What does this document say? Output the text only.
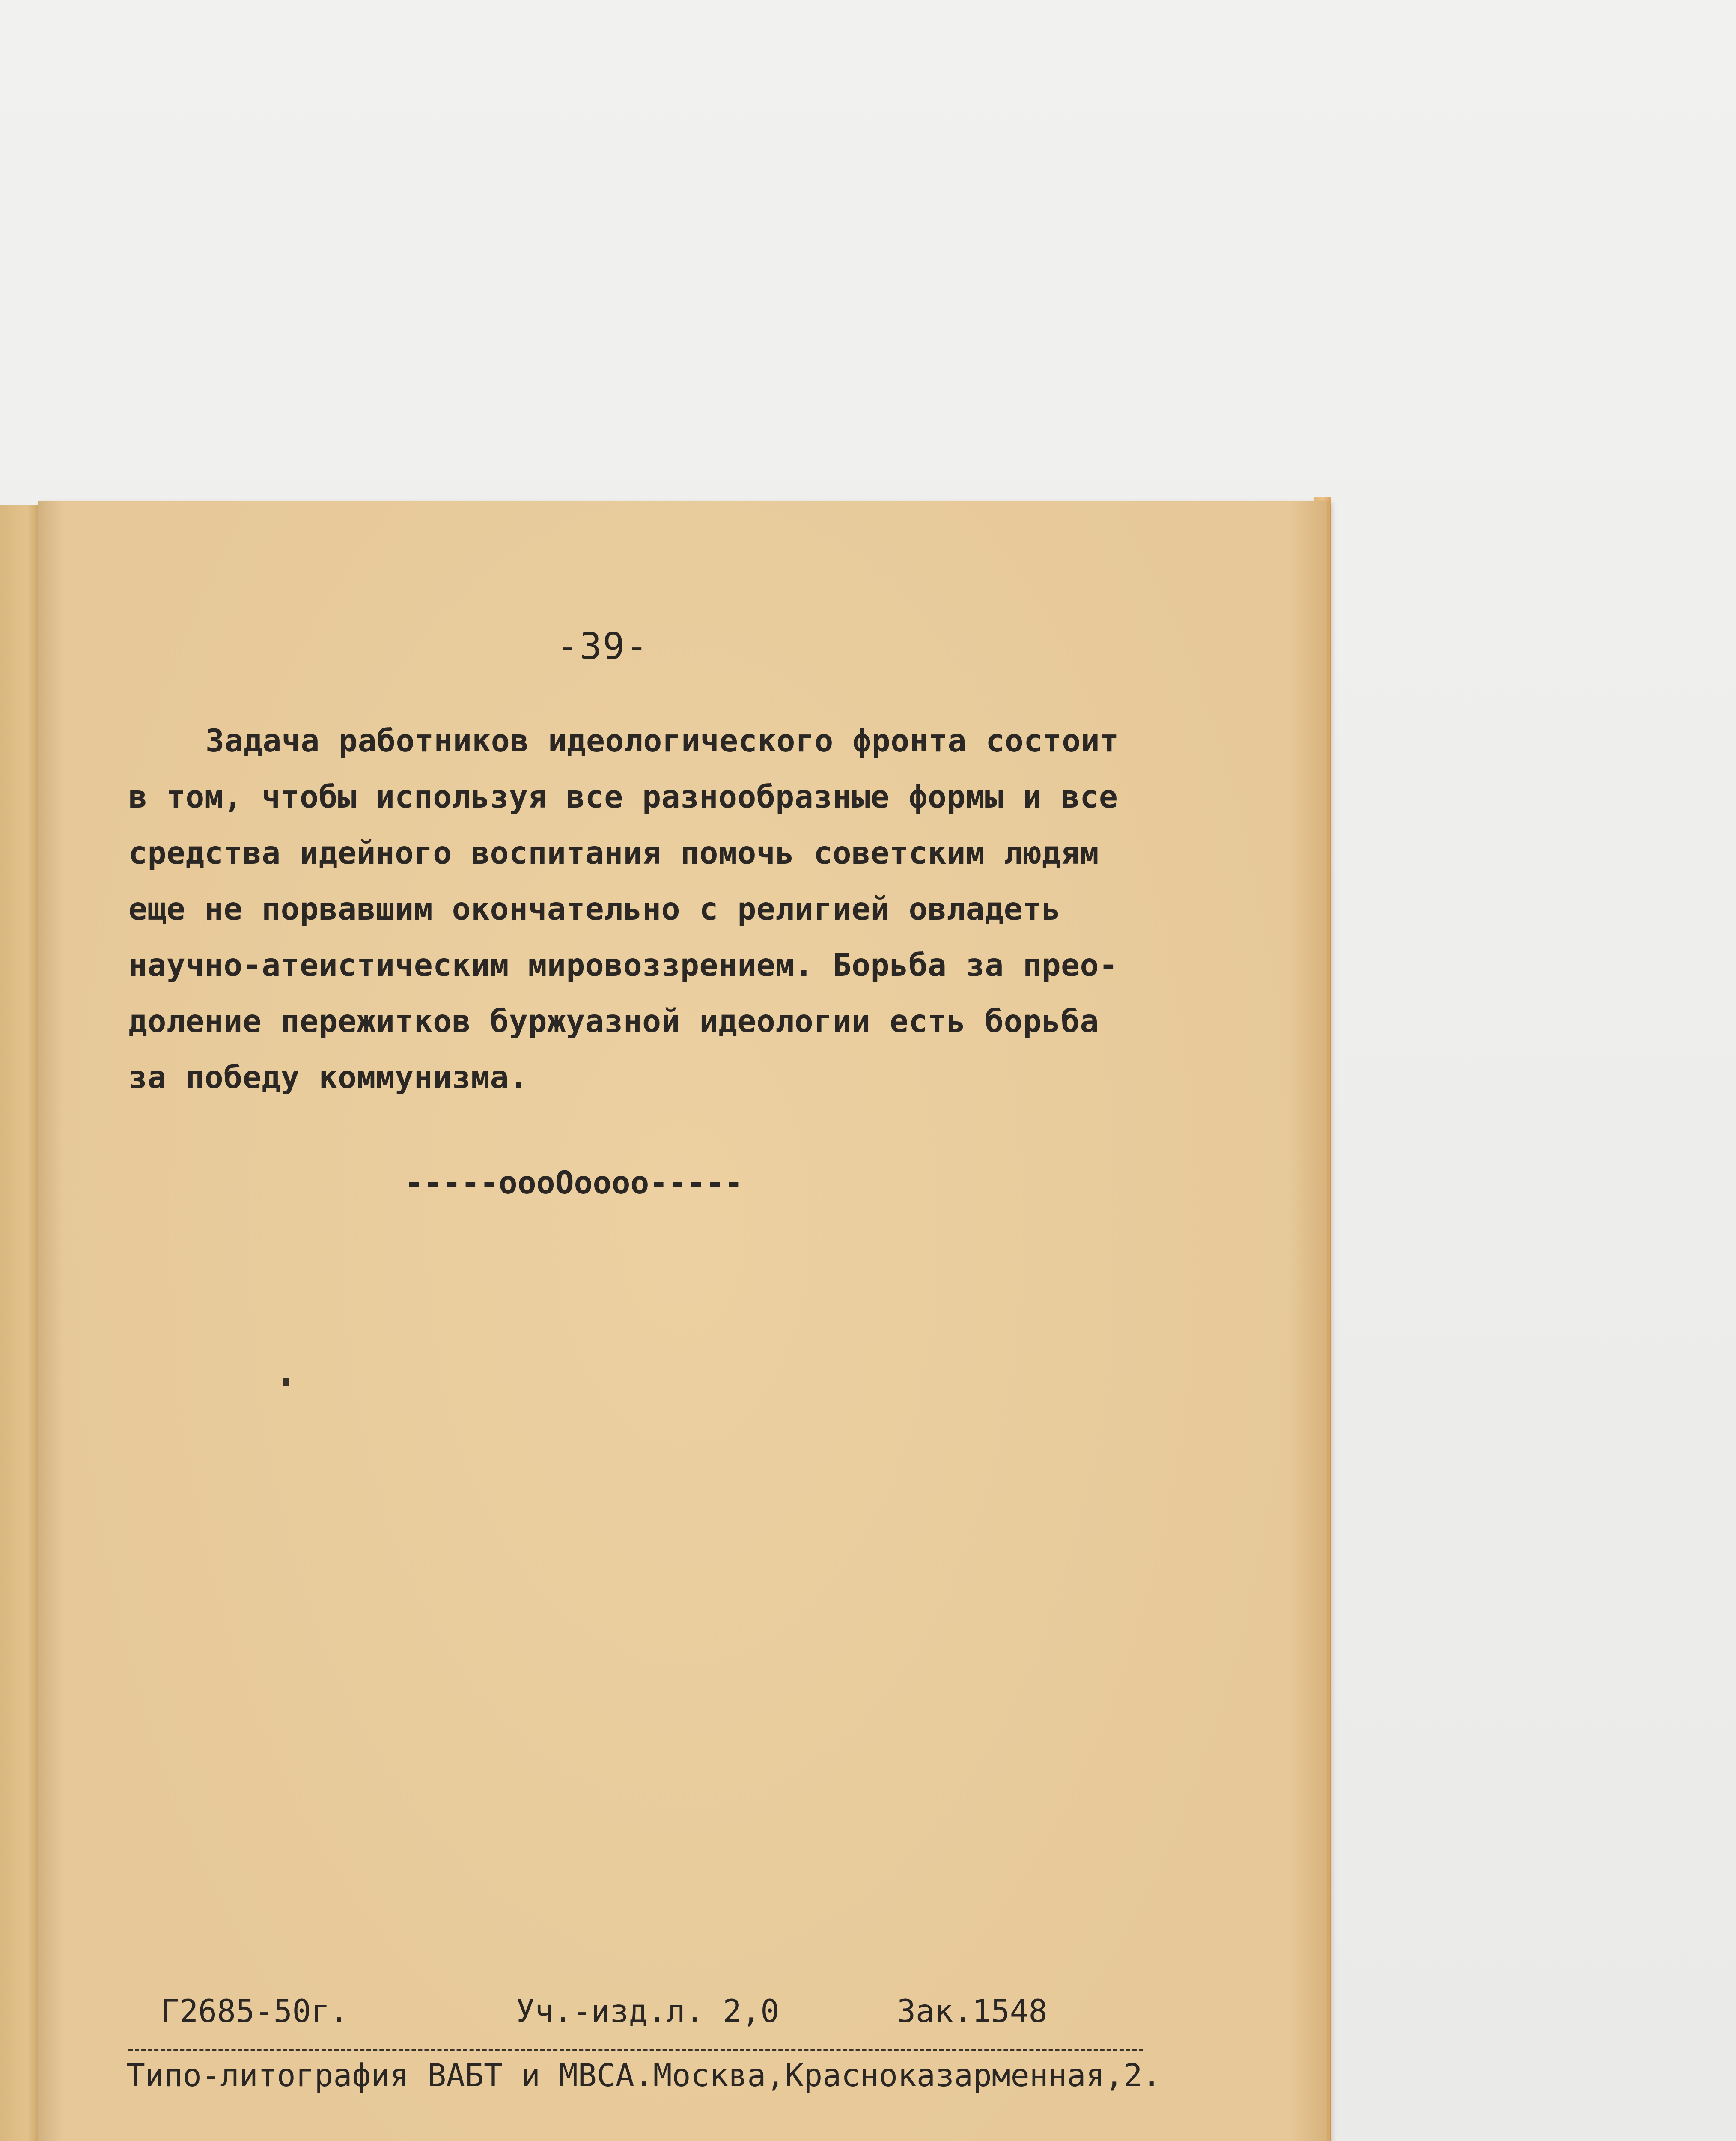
-39-
Задача работников идеологического фронта состоит
в том, чтобы используя все разнообразные формы и все
средства идейного воспитания помочь советским людям
еще не порвавшим окончательно с религией овладеть
научно-атеистическим мировоззрением. Борьба за прео-
доление пережитков буржуазной идеологии есть борьба
за победу коммунизма.
-----оооОоооо-----
Г2685-50г.	Уч.-изд.л. 2,0	Зак.1548
Типо-литография ВАБТ и МВСА.Москва,Красноказарменная,2.
